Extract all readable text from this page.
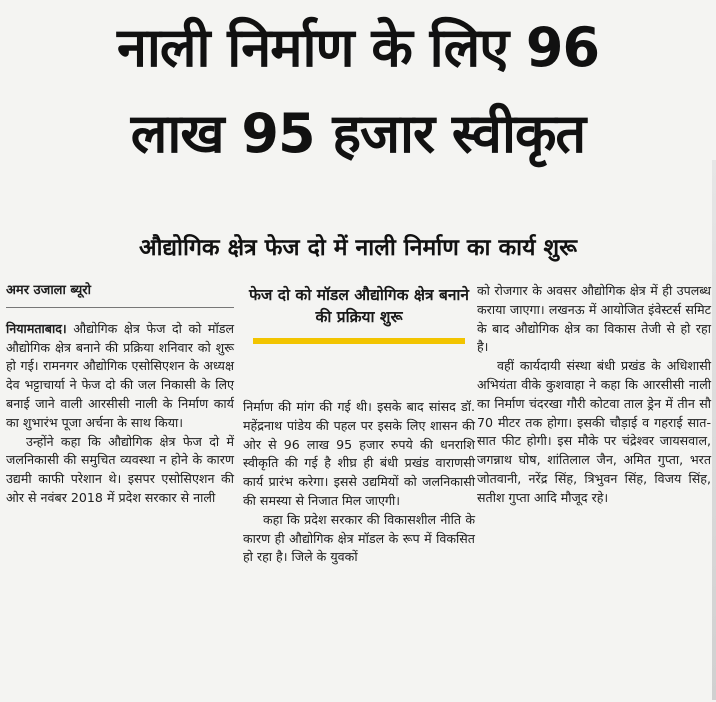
नाली निर्माण के लिए 96
लाख 95 हजार स्वीकृत
औद्योगिक क्षेत्र फेज दो में नाली निर्माण का कार्य शुरू
अमर उजाला ब्यूरो

नियामताबाद। औद्योगिक क्षेत्र फेज दो को मॉडल औद्योगिक क्षेत्र बनाने की प्रक्रिया शनिवार को शुरू हो गई। रामनगर औद्योगिक एसोसिएशन के अध्यक्ष देव भट्टाचार्या ने फेज दो की जल निकासी के लिए बनाई जाने वाली आरसीसी नाली के निर्माण कार्य का शुभारंभ पूजा अर्चना के साथ किया।

उन्होंने कहा कि औद्योगिक क्षेत्र फेज दो में जलनिकासी की समुचित व्यवस्था न होने के कारण उद्यमी काफी परेशान थे। इसपर एसोसिएशन की ओर से नवंबर 2018 में प्रदेश सरकार से नाली

फेज दो को मॉडल औद्योगिक क्षेत्र बनाने की प्रक्रिया शुरू

निर्माण की मांग की गई थी। इसके बाद सांसद डॉ. महेंद्रनाथ पांडेय की पहल पर इसके लिए शासन की ओर से 96 लाख 95 हजार रुपये की धनराशि स्वीकृति की गई है शीघ्र ही बंधी प्रखंड वाराणसी कार्य प्रारंभ करेगा। इससे उद्यमियों को जलनिकासी की समस्या से निजात मिल जाएगी।

कहा कि प्रदेश सरकार की विकासशील नीति के कारण ही औद्योगिक क्षेत्र मॉडल के रूप में विकसित हो रहा है। जिले के युवकों

को रोजगार के अवसर औद्योगिक क्षेत्र में ही उपलब्ध कराया जाएगा। लखनऊ में आयोजित इंवेस्टर्स समिट के बाद औद्योगिक क्षेत्र का विकास तेजी से हो रहा है।

वहीं कार्यदायी संस्था बंधी प्रखंड के अधिशासी अभियंता वीके कुशवाहा ने कहा कि आरसीसी नाली का निर्माण चंदरखा गौरी कोटवा ताल ड्रेन में तीन सौ 70 मीटर तक होगा। इसकी चौड़ाई व गहराई सात-सात फीट होगी। इस मौके पर चंद्रेश्वर जायसवाल, जगन्नाथ घोष, शांतिलाल जैन, अमित गुप्ता, भरत जोतवानी, नरेंद्र सिंह, त्रिभुवन सिंह, विजय सिंह, सतीश गुप्ता आदि मौजूद रहे।
